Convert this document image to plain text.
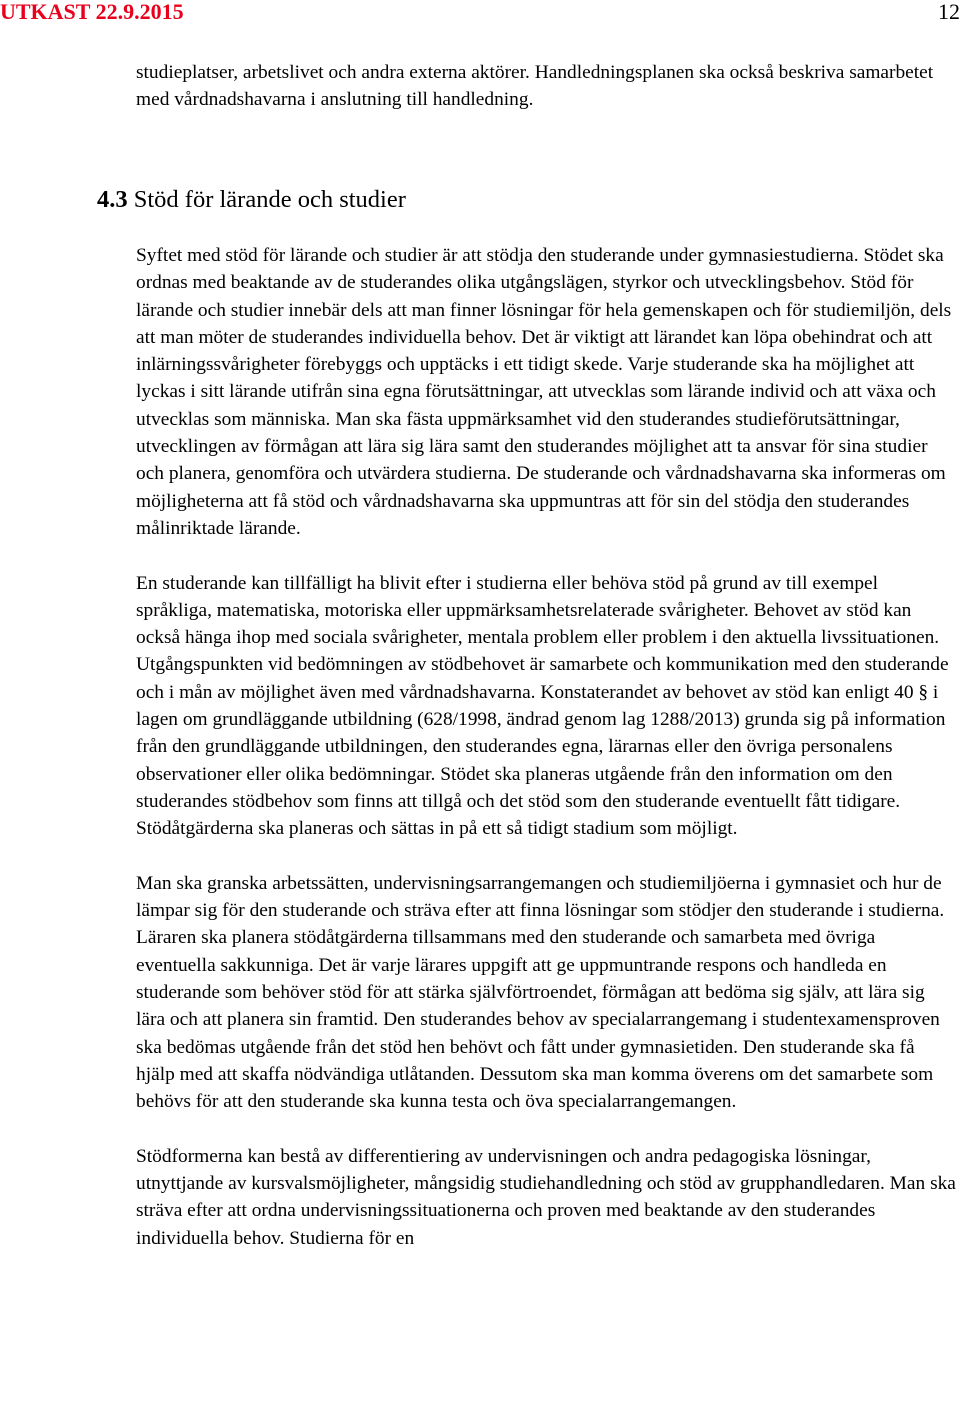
UTKAST 22.9.2015	12

studieplatser, arbetslivet och andra externa aktörer. Handledningsplanen ska också beskriva samarbetet med vårdnadshavarna i anslutning till handledning.

4.3 Stöd för lärande och studier

Syftet med stöd för lärande och studier är att stödja den studerande under gymnasiestudierna. Stödet ska ordnas med beaktande av de studerandes olika utgångslägen, styrkor och utvecklingsbehov. Stöd för lärande och studier innebär dels att man finner lösningar för hela gemenskapen och för studiemiljön, dels att man möter de studerandes individuella behov. Det är viktigt att lärandet kan löpa obehindrat och att inlärningssvårigheter förebyggs och upptäcks i ett tidigt skede. Varje studerande ska ha möjlighet att lyckas i sitt lärande utifrån sina egna förutsättningar, att utvecklas som lärande individ och att växa och utvecklas som människa. Man ska fästa uppmärksamhet vid den studerandes studieförutsättningar, utvecklingen av förmågan att lära sig lära samt den studerandes möjlighet att ta ansvar för sina studier och planera, genomföra och utvärdera studierna. De studerande och vårdnadshavarna ska informeras om möjligheterna att få stöd och vårdnadshavarna ska uppmuntras att för sin del stödja den studerandes målinriktade lärande.

En studerande kan tillfälligt ha blivit efter i studierna eller behöva stöd på grund av till exempel språkliga, matematiska, motoriska eller uppmärksamhetsrelaterade svårigheter. Behovet av stöd kan också hänga ihop med sociala svårigheter, mentala problem eller problem i den aktuella livssituationen. Utgångspunkten vid bedömningen av stödbehovet är samarbete och kommunikation med den studerande och i mån av möjlighet även med vårdnadshavarna. Konstaterandet av behovet av stöd kan enligt 40 § i lagen om grundläggande utbildning (628/1998, ändrad genom lag 1288/2013) grunda sig på information från den grundläggande utbildningen, den studerandes egna, lärarnas eller den övriga personalens observationer eller olika bedömningar. Stödet ska planeras utgående från den information om den studerandes stödbehov som finns att tillgå och det stöd som den studerande eventuellt fått tidigare. Stödåtgärderna ska planeras och sättas in på ett så tidigt stadium som möjligt.

Man ska granska arbetssätten, undervisningsarrangemangen och studiemiljöerna i gymnasiet och hur de lämpar sig för den studerande och sträva efter att finna lösningar som stödjer den studerande i studierna. Läraren ska planera stödåtgärderna tillsammans med den studerande och samarbeta med övriga eventuella sakkunniga. Det är varje lärares uppgift att ge uppmuntrande respons och handleda en studerande som behöver stöd för att stärka självförtroendet, förmågan att bedöma sig själv, att lära sig lära och att planera sin framtid. Den studerandes behov av specialarrangemang i studentexamensproven ska bedömas utgående från det stöd hen behövt och fått under gymnasietiden. Den studerande ska få hjälp med att skaffa nödvändiga utlåtanden. Dessutom ska man komma överens om det samarbete som behövs för att den studerande ska kunna testa och öva specialarrangemangen.

Stödformerna kan bestå av differentiering av undervisningen och andra pedagogiska lösningar, utnyttjande av kursvalsmöjligheter, mångsidig studiehandledning och stöd av grupphandledaren. Man ska sträva efter att ordna undervisningssituationerna och proven med beaktande av den studerandes individuella behov. Studierna för en
